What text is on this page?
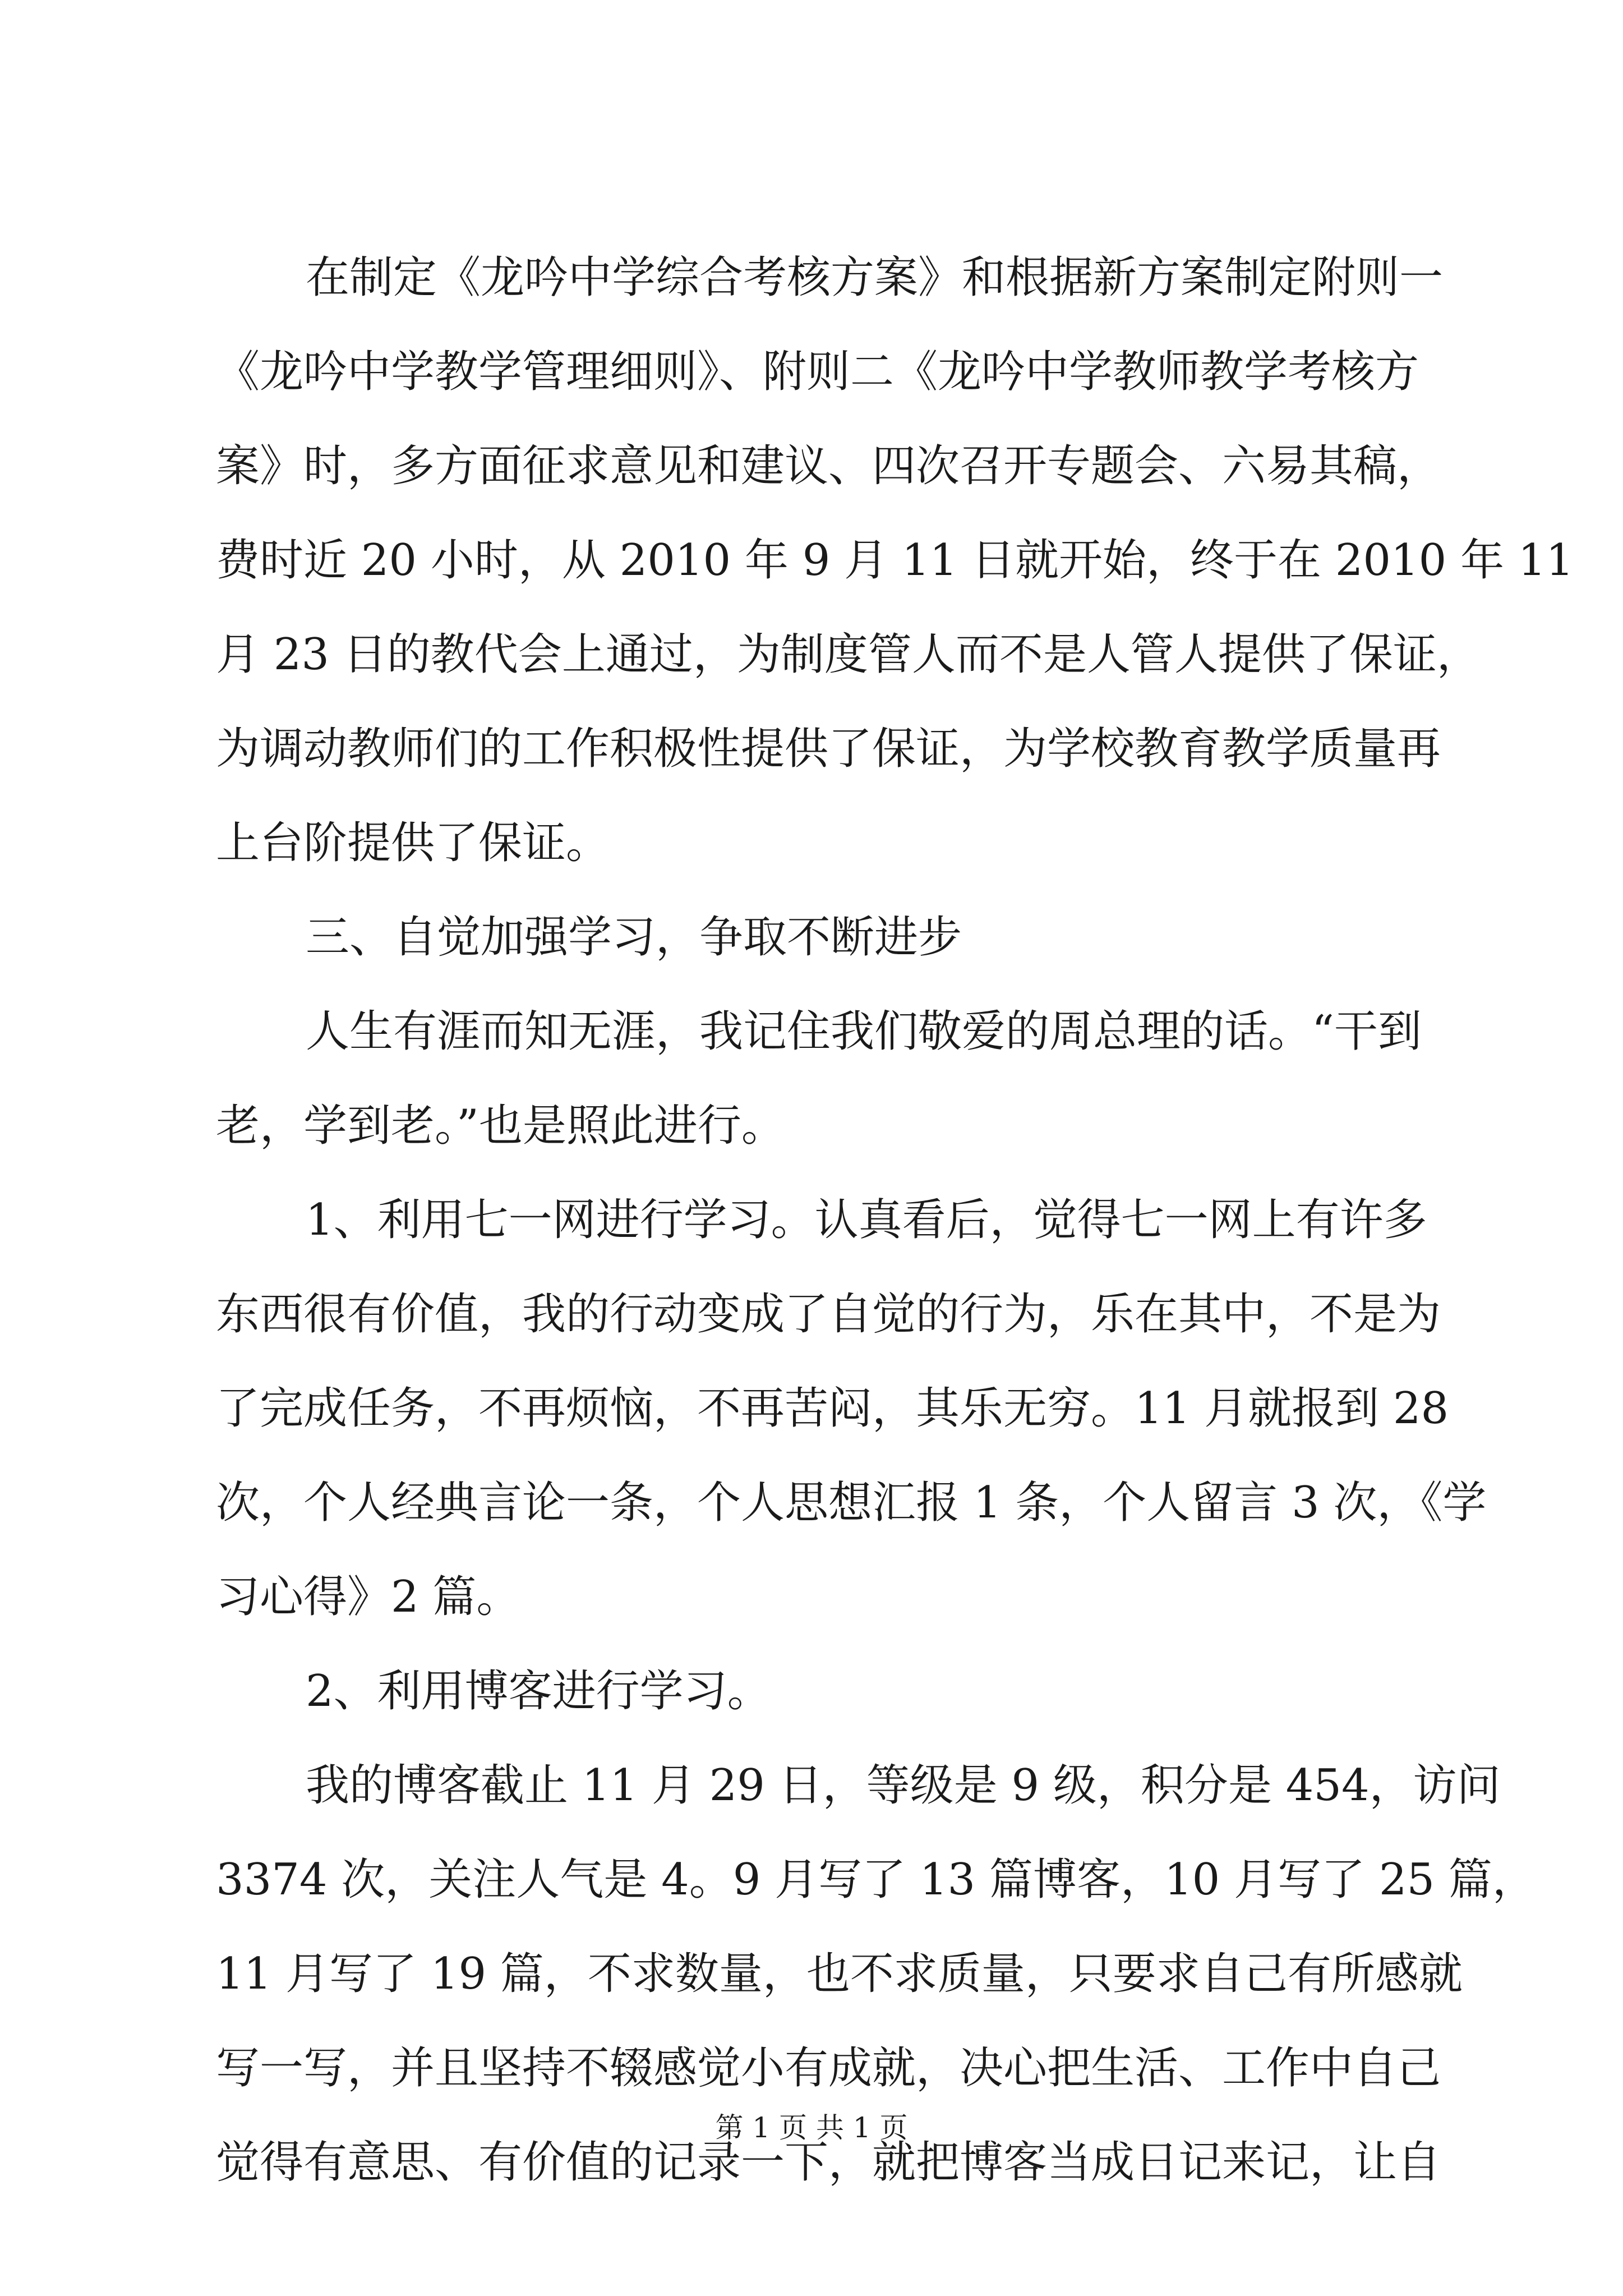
在制定《龙吟中学综合考核方案》和根据新方案制定附则一
《龙吟中学教学管理细则》、附则二《龙吟中学教师教学考核方
案》时，多方面征求意见和建议、四次召开专题会、六易其稿，
费时近 20 小时，从 2010 年 9 月 11 日就开始，终于在 2010 年 11
月 23 日的教代会上通过，为制度管人而不是人管人提供了保证，
为调动教师们的工作积极性提供了保证，为学校教育教学质量再
上台阶提供了保证。
三、自觉加强学习，争取不断进步
人生有涯而知无涯，我记住我们敬爱的周总理的话。“干到
老，学到老。”也是照此进行。
1、利用七一网进行学习。认真看后，觉得七一网上有许多
东西很有价值，我的行动变成了自觉的行为，乐在其中，不是为
了完成任务，不再烦恼，不再苦闷，其乐无穷。11 月就报到 28
次，个人经典言论一条，个人思想汇报 1 条，个人留言 3 次，《学
习心得》2 篇。
2、利用博客进行学习。
我的博客截止 11 月 29 日，等级是 9 级，积分是 454，访问
3374 次，关注人气是 4。9 月写了 13 篇博客，10 月写了 25 篇，
11 月写了 19 篇，不求数量，也不求质量，只要求自己有所感就
写一写，并且坚持不辍感觉小有成就，决心把生活、工作中自己
觉得有意思、有价值的记录一下，就把博客当成日记来记，让自
第 1 页 共 1 页
